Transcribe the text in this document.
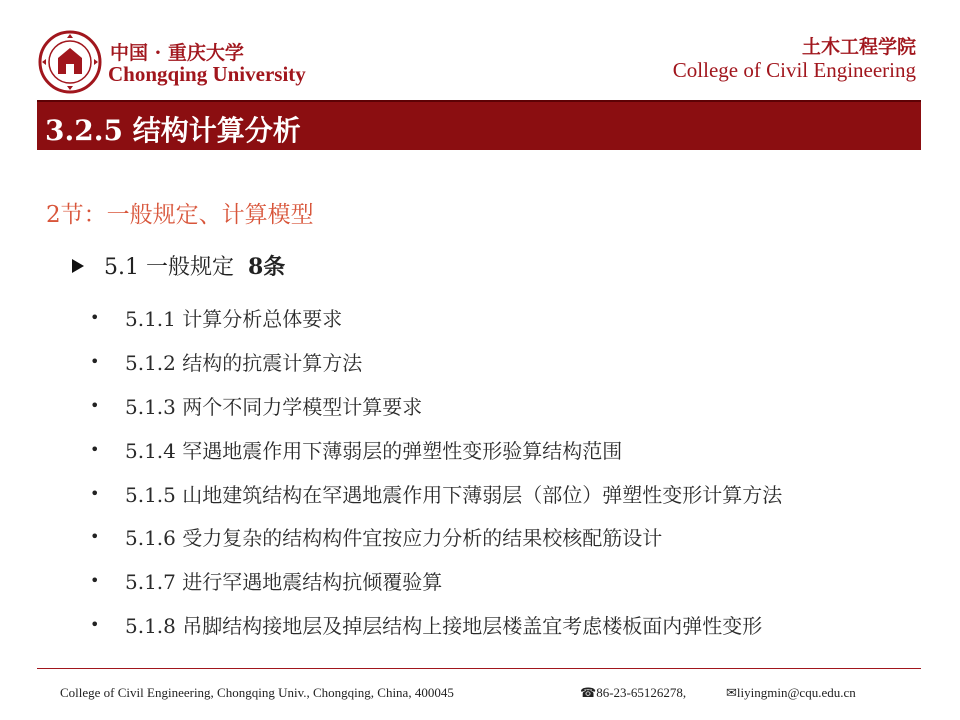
中国 · 重庆大学
Chongqing University
土木工程学院
College of Civil Engineering
3.2.5 结构计算分析
2节：一般规定、计算模型
5.1 一般规定 8条
•	5.1.1 计算分析总体要求
•	5.1.2 结构的抗震计算方法
•	5.1.3 两个不同力学模型计算要求
•	5.1.4 罕遇地震作用下薄弱层的弹塑性变形验算结构范围
•	5.1.5 山地建筑结构在罕遇地震作用下薄弱层（部位）弹塑性变形计算方法
•	5.1.6 受力复杂的结构构件宜按应力分析的结果校核配筋设计
•	5.1.7 进行罕遇地震结构抗倾覆验算
•	5.1.8 吊脚结构接地层及掉层结构上接地层楼盖宜考虑楼板面内弹性变形
College of Civil Engineering, Chongqing Univ., Chongqing, China, 400045	☎86-23-65126278,	✉liyingmin@cqu.edu.cn
